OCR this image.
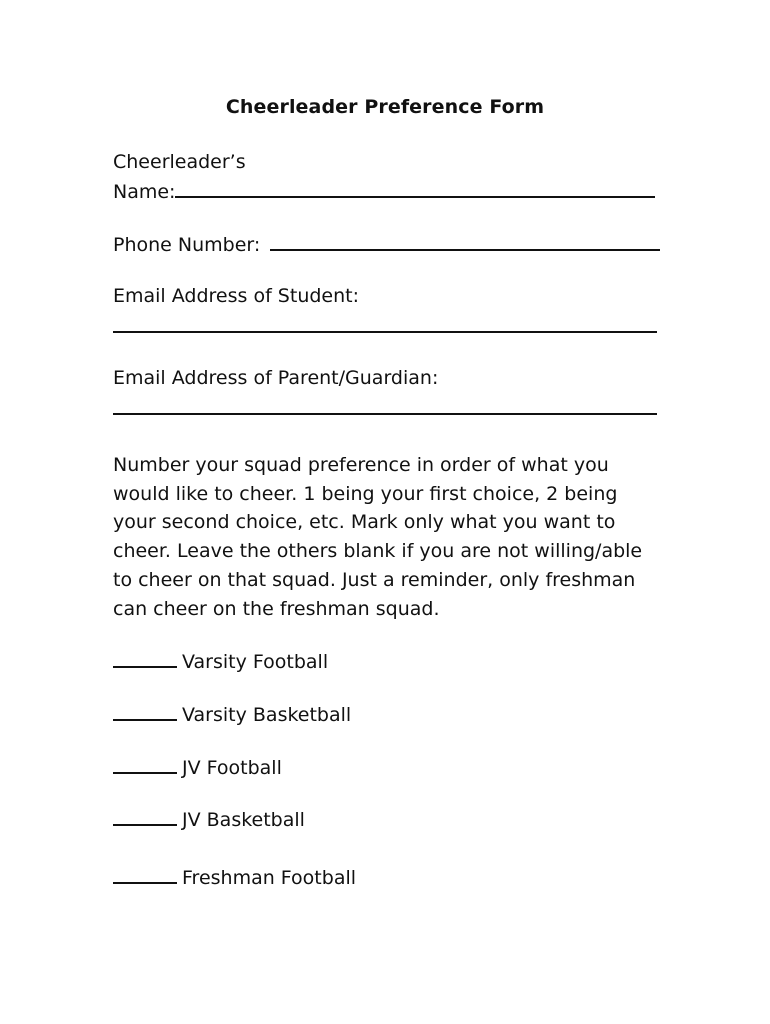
Cheerleader Preference Form
Cheerleader’s
Name:
Phone Number:
Email Address of Student:
Email Address of Parent/Guardian:

Number your squad preference in order of what you

would like to cheer. 1 being your first choice, 2 being

your second choice, etc. Mark only what you want to

cheer. Leave the others blank if you are not willing/able

to cheer on that squad. Just a reminder, only freshman

can cheer on the freshman squad.

Varsity Football
Varsity Basketball
JV Football
JV Basketball
Freshman Football
